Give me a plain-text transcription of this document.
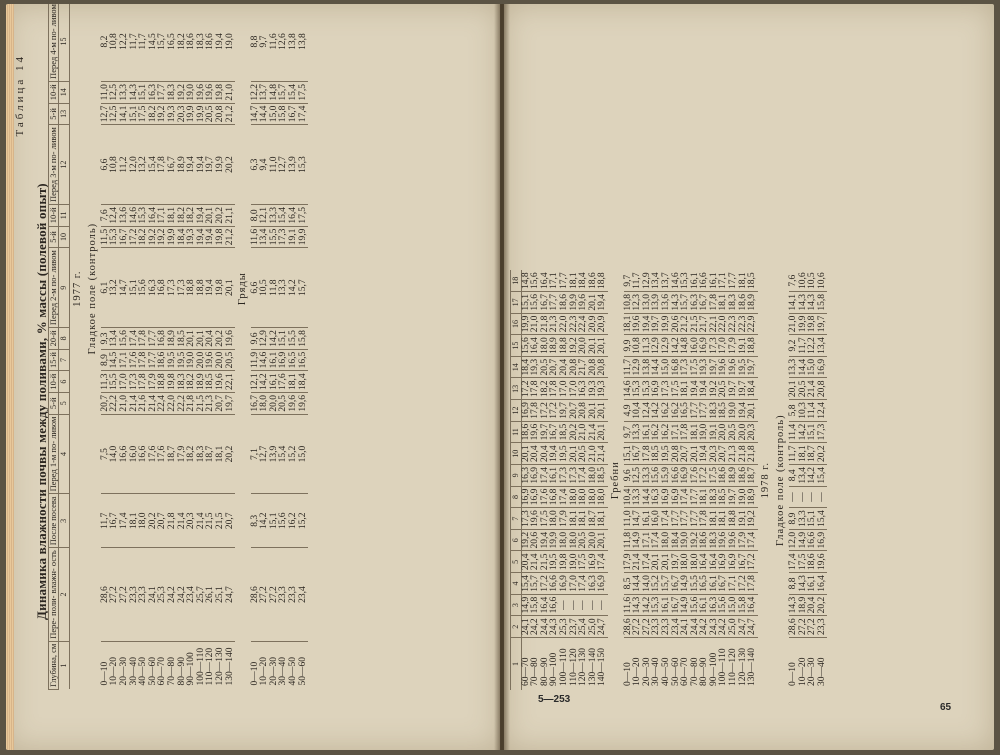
Динамика влажности почвы между поливами, % массы (полевой опыт)
Таблица 14
Глубина, см	Пере- поли- влажн- ость	После посева	Перед 1-м по- ливом	5-й	10-й	15-й	20-й	Перед 2-м по- ливом	5-й	10-й	Перед 3-м по- ливом	5-й	10-й	Перед 4-м по- ливом			
1	2	3	4	5	6	7	8	9	10	11	12	13	14	15			
1977 г.																	
Гладкое поле (контроль)																	
0—10	28,6	11,7	7,5	20,7	11,3	8,9	9,3	6,1	11,5	7,6	6,6	12,7	11,0	8,2			
10—20	27,2	16,7	14,0	22,2	15,5	14,5	13,4	13,2	15,3	12,4	10,8	12,5	12,5	10,8			
20—30	27,2	17,4	16,6	21,0	17,0	17,1	15,6	14,7	16,7	13,6	11,2	14,1	13,3	12,2			
30—40	23,3	18,1	16,0	21,4	17,3	17,6	17,4	15,1	17,2	14,6	12,0	15,1	14,3	11,7			
40—50	23,3	18,0	16,6	21,6	17,8	17,8	17,8	15,6	18,2	15,3	13,2	17,5	15,1	11,7			
50—60	24,1	20,2	17,6	21,4	17,9	17,7	17,7	16,3	19,2	16,4	15,4	18,2	16,3	14,5			
60—70	25,3	20,7	17,6	22,4	18,8	18,6	16,8	16,8	19,2	17,1	17,8	19,2	17,7	15,7			
70—80	24,2	21,8	18,7	22,0	19,8	19,5	18,9	17,3	19,9	18,1	16,7	19,3	18,3	16,5			
80—90	24,2	21,4	17,9	22,2	18,3	19,5	18,5	17,3	18,4	18,2	18,9	20,3	19,2	18,2			
90—100	23,4	20,3	18,2	21,8	18,2	19,0	20,1	18,8	19,3	18,2	19,4	19,9	19,0	18,6			
100—110	25,7	21,4	18,3	21,5	18,9	20,0	20,1	18,8	19,4	19,4	19,4	19,9	19,6	18,3			
110—120	26,1	21,5	18,7	21,3	18,5	19,6	20,4	19,4	19,4	20,1	19,7	20,5	19,6	18,6			
120—130	25,1	21,5	18,1	20,7	19,6	20,0	20,2	19,8	19,8	20,2	19,9	20,8	19,8	19,4			
130—140	24,7	20,7	20,2	19,7	22,1	20,5	19,6	20,1	21,2	21,1	20,2	21,2	21,0	19,0			
Гряды																	
0—10	28,6	8,3	7,1	16,7	12,1	11,9	9,6	6,6	11,6	8,0	6,3	14,7	12,2	8,8			
10—20	27,2	14,2	12,7	18,0	14,2	14,6	12,9	10,5	13,4	12,1	9,4	14,4	13,7	9,7			
20—30	27,2	15,1	13,9	20,0	16,1	16,1	14,2	11,8	15,5	13,3	11,0	15,0	14,8	11,6			
30—40	23,3	15,6	15,4	20,5	17,6	16,9	15,1	13,3	17,3	15,4	12,7	15,8	15,7	12,6			
40—50	23,3	16,2	15,2	19,6	18,1	16,5	15,5	14,2	19,1	16,4	13,9	16,7	15,4	13,8			
50—60	23,4	15,2	15,0	19,6	18,4	16,5	15,8	15,7	19,9	17,5	15,3	17,4	17,5	13,8			
1	2	3	4	5	6	7	8	9	10	11	12	13	14	15	16	17	18
60—70	24,1	14,9	15,4	20,4	19,2	17,3	16,9	16,3	20,1	18,6	16,9	17,2	18,4	15,6	19,9	15,1	14,8
70—80	24,2	15,8	15,7	21,4	20,6	19,6	16,9	16,9	20,4	19,6	17,8	17,8	19,3	16,4	21,0	15,6	15,6
80—90	24,4	16,4	17,2	21,5	19,4	17,5	17,6	17,4	20,4	19,7	17,2	18,2	20,5	18,0	21,8	16,7	16,4
90—100	24,3	16,6	16,6	19,5	19,9	18,0	16,8	16,1	19,4	16,7	17,2	17,8	20,7	18,9	21,3	17,7	17,1
100—110	25,3	—	16,9	19,8	18,0	17,9	17,4	17,3	19,5	18,5	19,7	17,0	20,4	18,8	22,0	18,6	17,7
110—120	23,7	—	17,0	19,0	18,0	18,1	18,0	17,3	20,1	20,2	20,7	17,0	20,8	19,2	22,3	19,9	18,1
120—130	25,4	—	17,4	17,5	20,5	18,1	18,0	17,4	20,5	21,0	20,8	16,3	21,7	20,0	22,4	19,6	18,4
130—140	25,0	—	16,3	16,9	20,0	18,7	18,0	18,0	21,0	21,4	20,1	19,3	20,8	20,1	20,9	20,1	18,6
140—150	24,7	—	16,9	17,4	20,1	18,1	18,0	18,5	21,4	20,1	20,1	19,3	20,8	20,1	20,9	19,4	18,8
Гребни																	
0—10	28,6	11,6	8,5	17,9	11,8	11,0	10,4	9,6	15,1	9,7	4,9	14,6	11,7	9,9	18,1	10,8	9,7
10—20	27,2	14,3	14,4	21,4	14,9	14,7	13,3	12,5	16,7	13,3	10,4	15,3	12,9	10,8	19,6	12,3	11,7
20—30	27,2	14,2	14,0	17,4	17,1	16,1	14,4	13,3	17,8	16,1	12,4	15,3	13,8	11,3	19,4	13,0	12,9
30—40	23,3	15,3	15,2	20,1	17,4	16,0	16,3	15,6	18,5	16,2	14,2	16,9	14,4	12,9	19,7	13,9	13,4
40—50	23,3	16,1	15,7	20,1	18,0	17,4	16,9	15,9	19,5	16,2	16,2	17,3	15,0	12,9	19,9	13,6	13,7
50—60	23,4	16,7	16,7	19,7	18,4	17,7	16,9	16,6	20,8	17,1	16,2	17,5	16,8	14,2	20,6	14,3	14,6
60—70	24,1	14,9	14,9	18,0	19,0	17,7	17,4	16,9	20,7	17,8	16,5	18,1	17,3	14,8	21,2	15,7	15,3
70—80	24,4	15,6	15,5	18,0	19,2	17,7	17,7	17,6	20,1	18,1	17,7	19,4	17,5	16,0	21,5	16,3	16,1
80—90	24,2	16,1	16,5	16,4	18,6	17,8	18,1	17,2	19,4	19,0	17,7	19,4	19,3	16,9	21,7	16,7	16,6
90—100	24,3	16,3	16,1	16,4	18,3	18,1	18,3	17,5	20,3	19,1	18,3	19,2	19,7	17,3	22,1	17,8	16,1
100—110	24,2	15,6	16,7	16,9	19,6	18,1	18,5	18,6	20,7	20,0	18,5	20,5	19,6	17,0	22,0	18,1	17,1
110—120	25,0	15,0	17,1	16,9	19,6	18,8	19,7	18,9	21,3	20,5	19,0	19,7	19,6	17,9	22,3	18,3	17,7
120—130	24,7	15,8	17,2	16,7	17,9	19,1	19,0	18,6	21,8	20,0	19,4	19,7	19,5	19,1	22,3	18,6	18,1
130—140	24,7	16,4	17,8	17,2	17,4	19,2	18,9	18,7	21,8	20,3	20,1	18,4	19,7	18,8	22,9	18,9	18,5
1978 г.																	
Гладкое поле (контроль)																	
0—10	28,6	14,3	8,8	17,4	12,0	8,9	—	8,4	11,7	11,4	5,8	20,1	13,3	9,2	21,0	14,1	7,6
10—20	27,2	18,9	14,3	17,5	14,9	13,3	—	13,4	18,1	14,2	10,3	20,5	14,4	11,7	19,9	14,3	10,6
20—30	27,2	20,4	16,1	18,6	16,6	15,1	—	14,2	18,7	15,1	11,4	21,4	15,0	12,2	19,8	14,3	10,5
30—40	23,3	20,2	16,4	19,6	16,9	15,4	—	15,4	20,2	17,3	12,4	20,8	16,9	13,4	19,7	15,8	10,6
5—253
65
